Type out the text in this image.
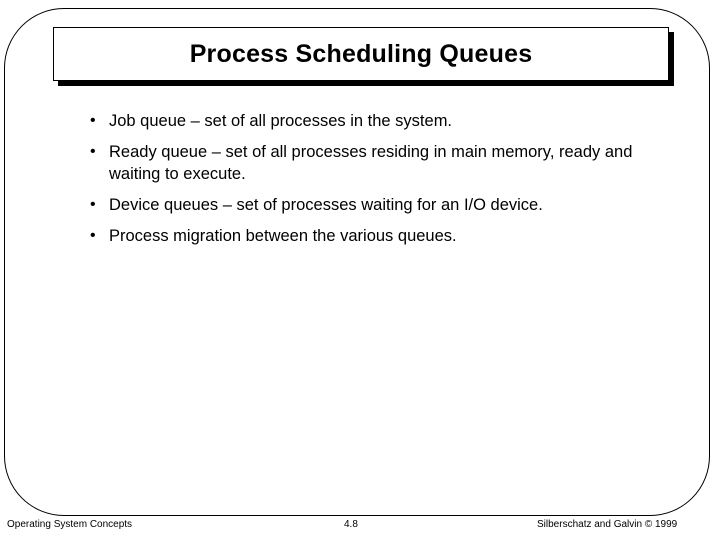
Process Scheduling Queues
• Job queue – set of all processes in the system.
• Ready queue – set of all processes residing in main memory, ready and waiting to execute.
• Device queues – set of processes waiting for an I/O device.
• Process migration between the various queues.
Operating System Concepts	4.8	Silberschatz and Galvin © 1999
